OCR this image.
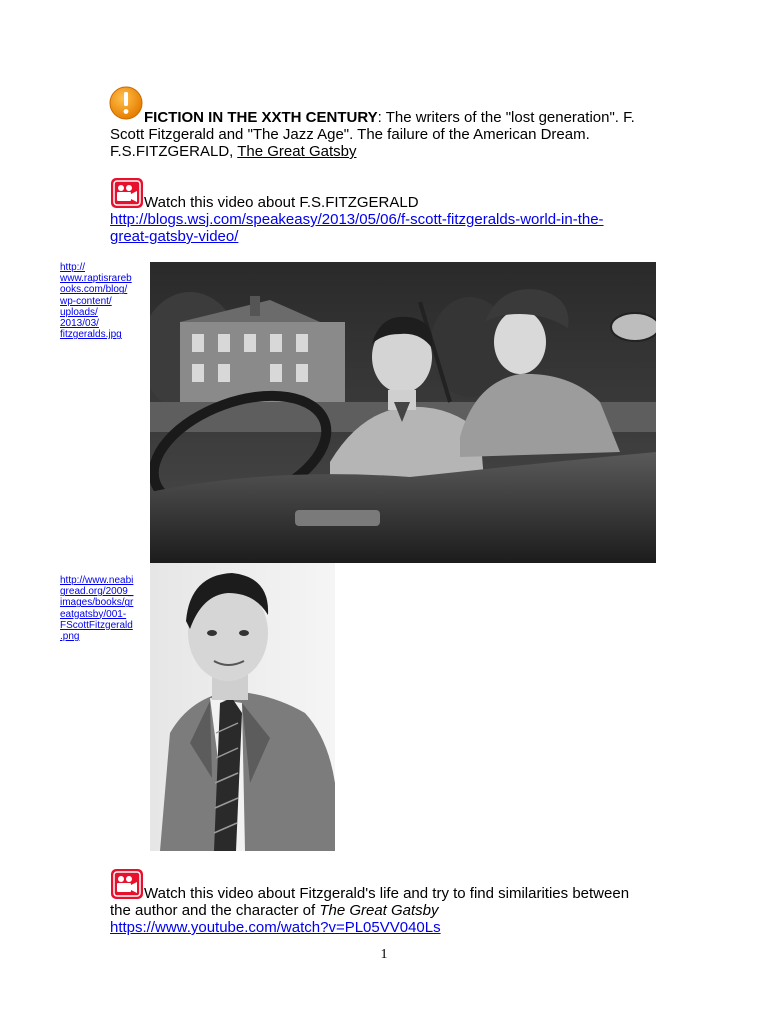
FICTION IN THE XXTH CENTURY: The writers of the "lost generation". F.
Scott Fitzgerald and "The Jazz Age". The failure of the American Dream.
F.S.FITZGERALD, The Great Gatsby
Watch this video about F.S.FITZGERALD
http://blogs.wsj.com/speakeasy/2013/05/06/f-scott-fitzgeralds-world-in-the-
great-gatsby-video/
http://
www.raptisrareb
ooks.com/blog/
wp-content/
uploads/
2013/03/
fitzgeralds.jpg
http://www.neabi
gread.org/2009_
images/books/gr
eatgatsby/001-
FScottFitzgerald
.png
Watch this video about Fitzgerald's life and try to find similarities between
the author and the character of The Great Gatsby
https://www.youtube.com/watch?v=PL05VV040Ls
1
